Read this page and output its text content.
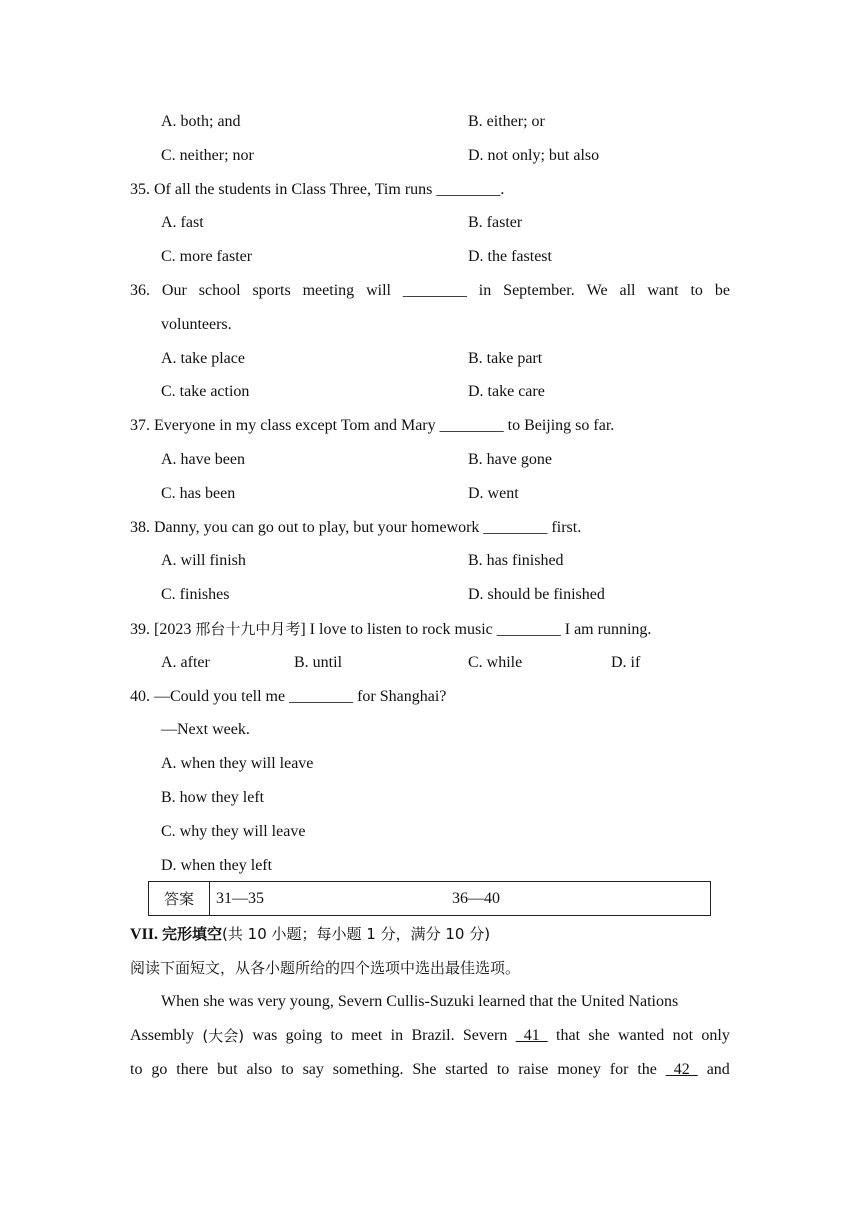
A. both; and	B. either; or
C. neither; nor	D. not only; but also
35. Of all the students in Class Three, Tim runs ________.
A. fast	B. faster
C. more faster	D. the fastest
36. Our school sports meeting will ________ in September. We all want to be
volunteers.
A. take place	B. take part
C. take action	D. take care
37. Everyone in my class except Tom and Mary ________ to Beijing so far.
A. have been	B. have gone
C. has been	D. went
38. Danny, you can go out to play, but your homework ________ first.
A. will finish	B. has finished
C. finishes	D. should be finished
39. [2023 邢台十九中月考] I love to listen to rock music ________ I am running.
A. after	B. until	C. while	D. if
40. —Could you tell me ________ for Shanghai?
—Next week.
A. when they will leave
B. how they left
C. why they will leave
D. when they left
答案	31—35	36—40
VII. 完形填空(共 10 小题；每小题 1 分，满分 10 分)
阅读下面短文，从各小题所给的四个选项中选出最佳选项。
When she was very young, Severn Cullis-Suzuki learned that the United Nations
Assembly (大会) was going to meet in Brazil. Severn 41 that she wanted not only
to go there but also to say something. She started to raise money for the 42 and
